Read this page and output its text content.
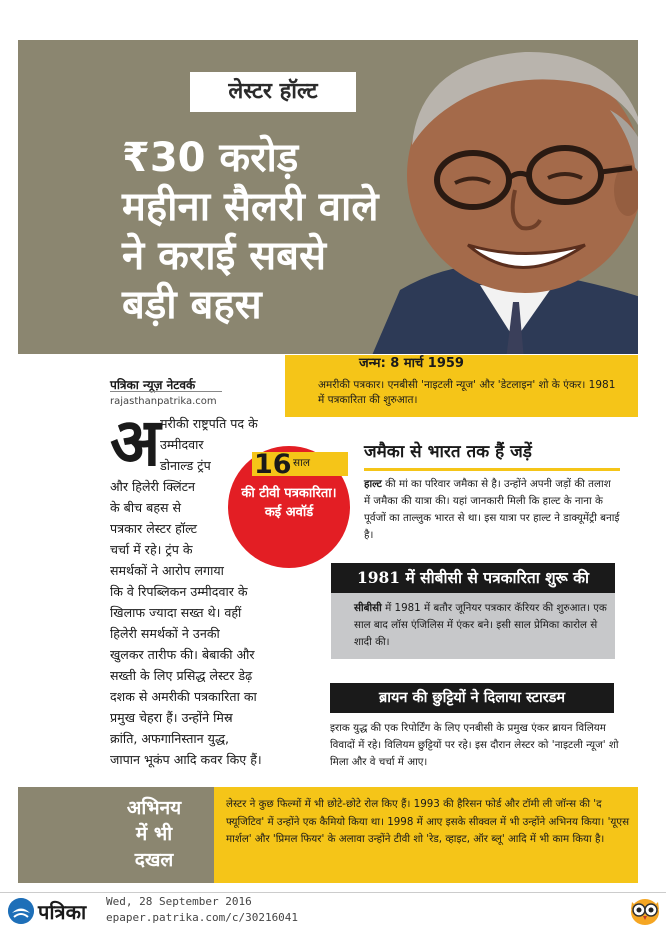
लेस्टर हॉल्ट
₹30 करोड़
महीना सैलरी वाले
ने कराई सबसे
बड़ी बहस
जन्म: 8 मार्च 1959
अमरीकी पत्रकार। एनबीसी 'नाइटली न्यूज' और 'डेटलाइन' शो के एंकर। 1981 में पत्रकारिता की शुरुआत।
पत्रिका न्यूज़ नेटवर्क
rajasthanpatrika.com
अ मरीकी राष्ट्रपति पद के
उम्मीदवार
डोनाल्ड ट्रंप
और हिलेरी क्लिंटन
के बीच बहस से
पत्रकार लेस्टर हॉल्ट
चर्चा में रहे। ट्रंप के
समर्थकों ने आरोप लगाया
कि वे रिपब्लिकन उम्मीदवार के
खिलाफ ज्यादा सख्त थे। वहीं
हिलेरी समर्थकों ने उनकी
खुलकर तारीफ की। बेबाकी और
सख्ती के लिए प्रसिद्ध लेस्टर डेढ़
दशक से अमरीकी पत्रकारिता का
प्रमुख चेहरा हैं। उन्होंने मिस्र
क्रांति, अफगानिस्तान युद्ध,
जापान भूकंप आदि कवर किए हैं।
16 साल
की टीवी पत्रकारिता। कई अवॉर्ड
जमैका से भारत तक हैं जड़ें
हाल्ट की मां का परिवार जमैका से है। उन्होंने अपनी जड़ों की तलाश में जमैका की यात्रा की। यहां जानकारी मिली कि हाल्ट के नाना के पूर्वजों का ताल्लुक भारत से था। इस यात्रा पर हाल्ट ने डाक्यूमेंट्री बनाई है।
1981 में सीबीसी से पत्रकारिता शुरू की
सीबीसी में 1981 में बतौर जूनियर पत्रकार कॅरियर की शुरुआत। एक साल बाद लॉस एंजिलिस में एंकर बने। इसी साल प्रेमिका कारोल से शादी की।
ब्रायन की छुट्टियों ने दिलाया स्टारडम
इराक युद्ध की एक रिपोर्टिंग के लिए एनबीसी के प्रमुख एंकर ब्रायन विलियम विवादों में रहे। विलियम छुट्टियों पर रहे। इस दौरान लेस्टर को 'नाइटली न्यूज' शो मिला और वे चर्चा में आए।
अभिनय
में भी
दखल
लेस्टर ने कुछ फिल्मों में भी छोटे-छोटे रोल किए हैं। 1993 की हैरिसन फोर्ड और टॉमी ली जॉन्स की 'द फ्यूजिटिव' में उन्होंने एक कैमियो किया था। 1998 में आए इसके सीक्वल में भी उन्होंने अभिनय किया। 'यूएस मार्शल' और 'प्रिमल फियर' के अलावा उन्होंने टीवी शो 'रेड, व्हाइट, ऑर ब्लू' आदि में भी काम किया है।
पत्रिका Wed, 28 September 2016
epaper.patrika.com/c/30216041
